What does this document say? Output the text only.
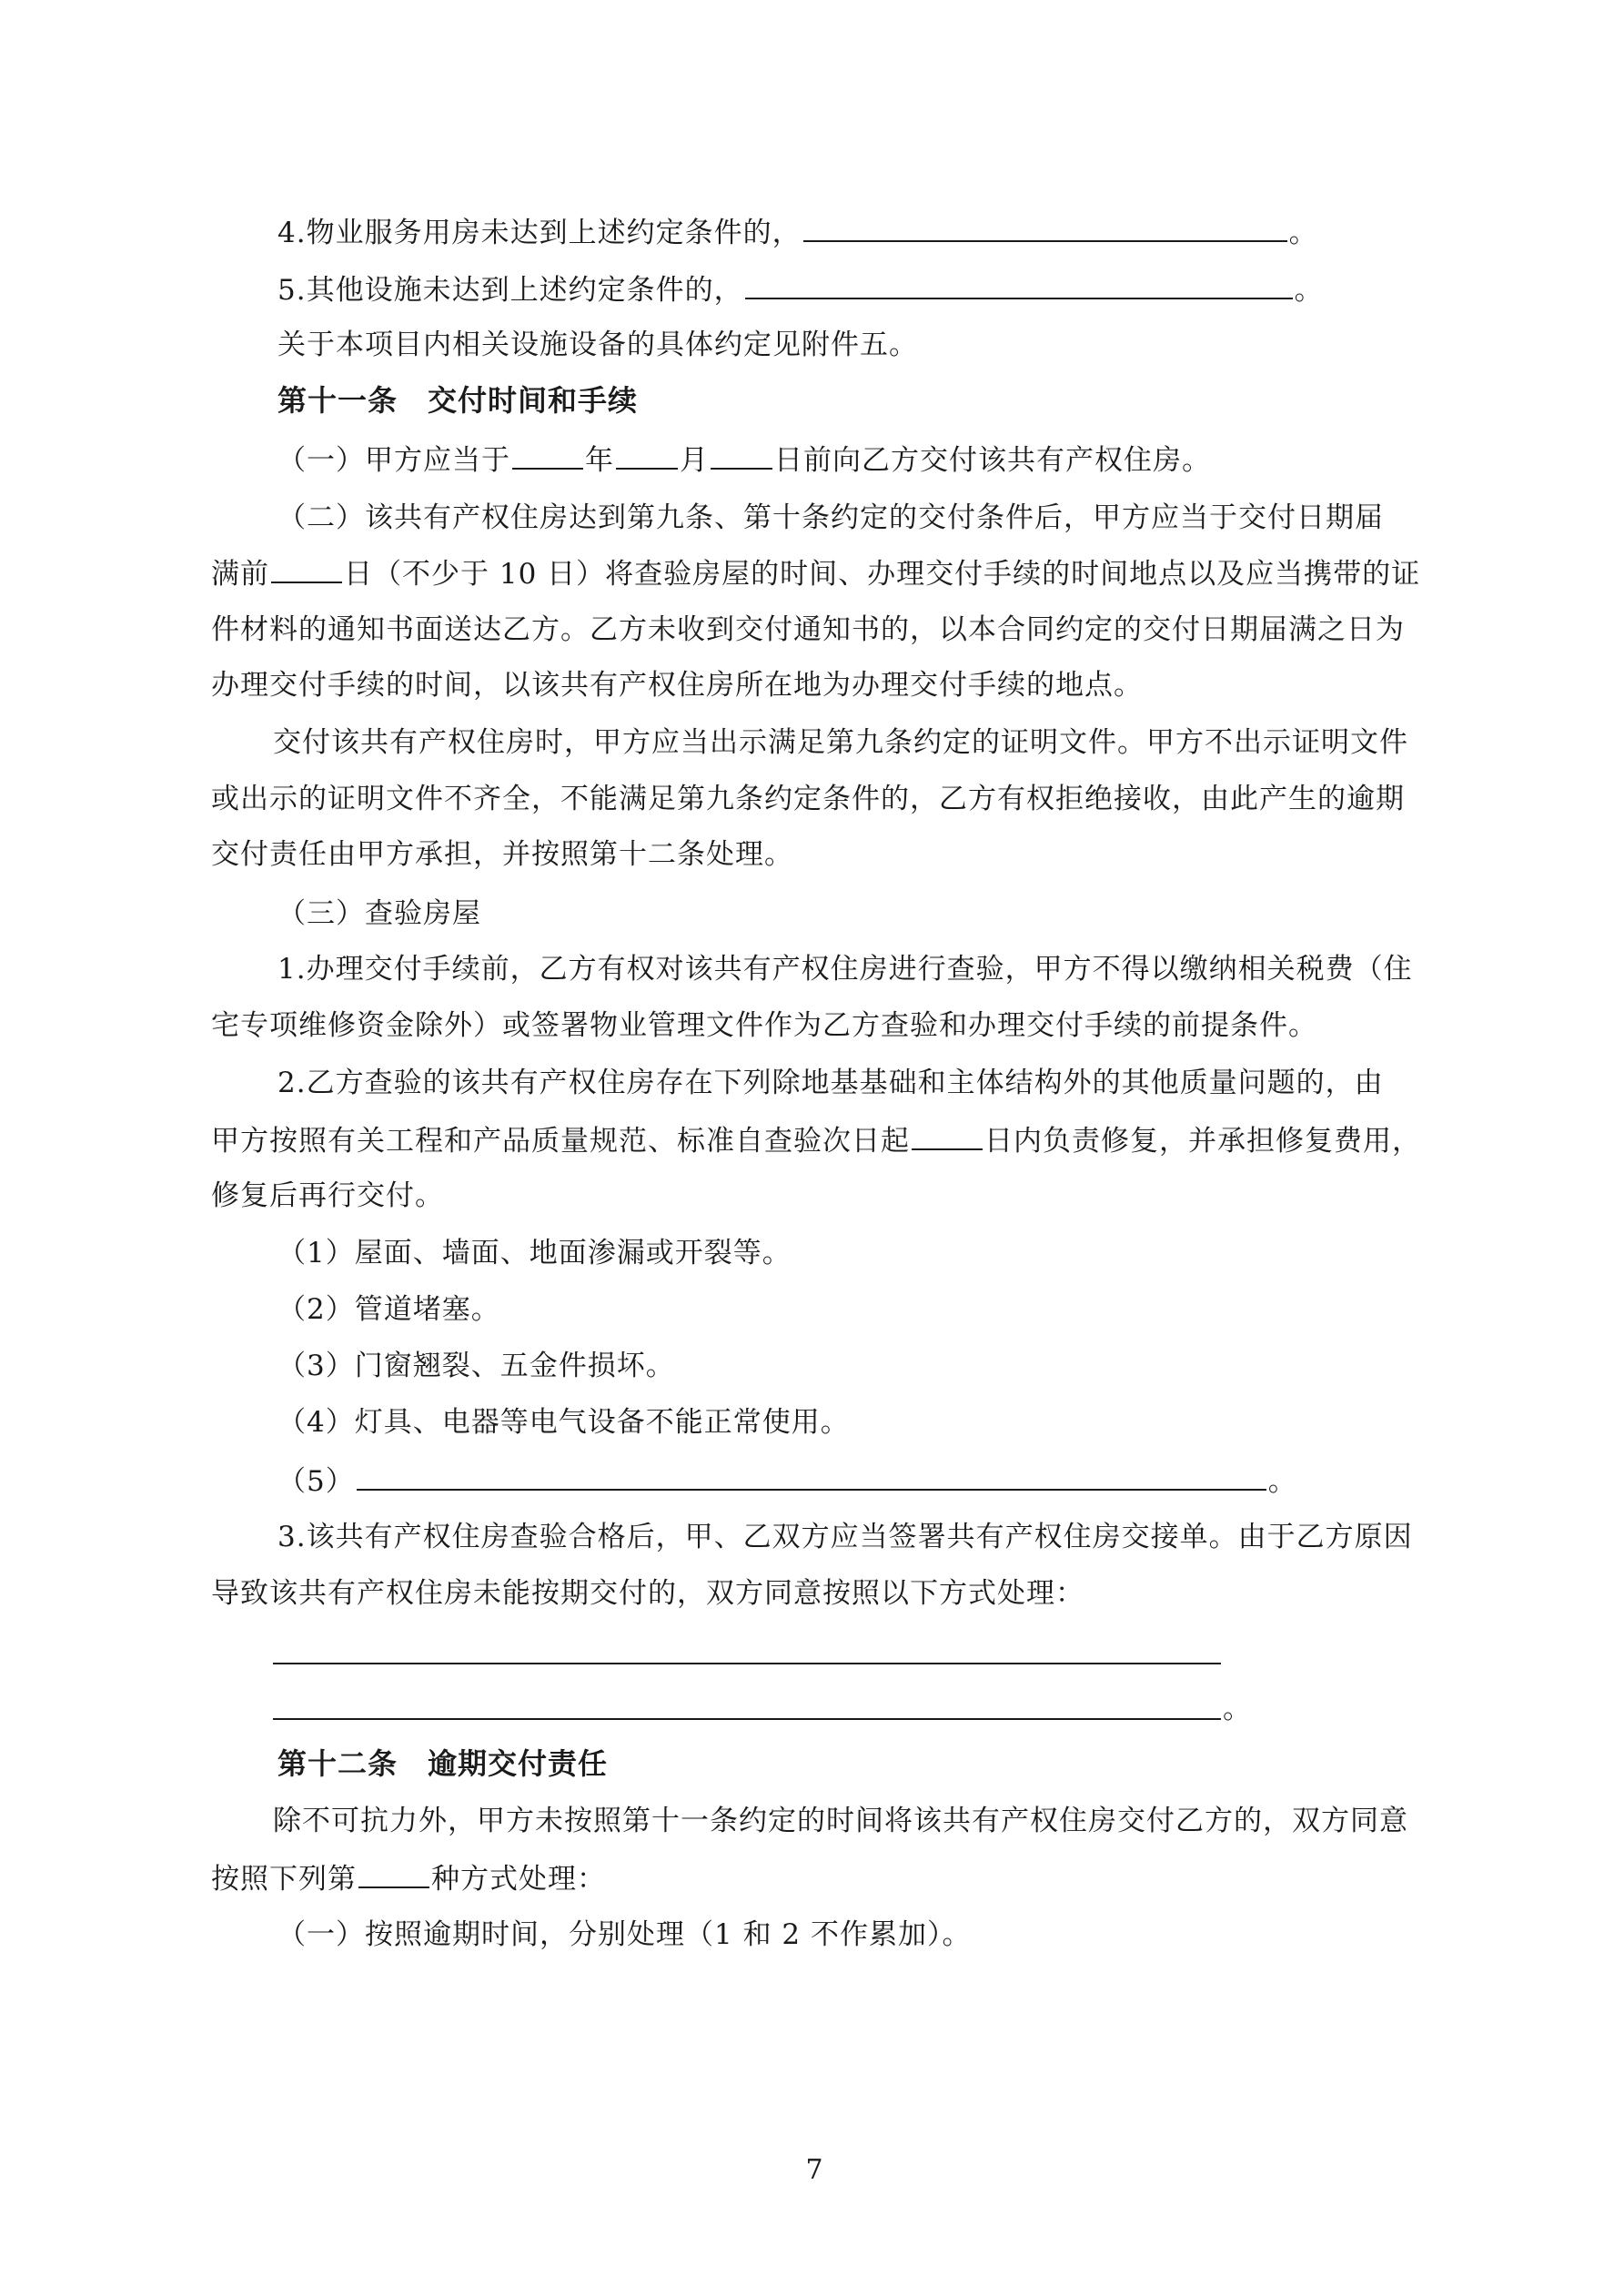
4.物业服务用房未达到上述约定条件的，	。
5.其他设施未达到上述约定条件的，	。
关于本项目内相关设施设备的具体约定见附件五。
第十一条　交付时间和手续
（一）甲方应当于	年 月 日前向乙方交付该共有产权住房。
（二）该共有产权住房达到第九条、第十条约定的交付条件后，甲方应当于交付日期届
满前	日（不少于 10 日）将查验房屋的时间、办理交付手续的时间地点以及应当携带的证
件材料的通知书面送达乙方。乙方未收到交付通知书的，以本合同约定的交付日期届满之日为
办理交付手续的时间，以该共有产权住房所在地为办理交付手续的地点。
交付该共有产权住房时，甲方应当出示满足第九条约定的证明文件。甲方不出示证明文件
或出示的证明文件不齐全，不能满足第九条约定条件的，乙方有权拒绝接收，由此产生的逾期
交付责任由甲方承担，并按照第十二条处理。
（三）查验房屋
1.办理交付手续前，乙方有权对该共有产权住房进行查验，甲方不得以缴纳相关税费（住
宅专项维修资金除外）或签署物业管理文件作为乙方查验和办理交付手续的前提条件。
2.乙方查验的该共有产权住房存在下列除地基基础和主体结构外的其他质量问题的，由
甲方按照有关工程和产品质量规范、标准自查验次日起	日内负责修复，并承担修复费用，
修复后再行交付。
（1）屋面、墙面、地面渗漏或开裂等。
（2）管道堵塞。
（3）门窗翘裂、五金件损坏。
（4）灯具、电器等电气设备不能正常使用。
（5）	。
3.该共有产权住房查验合格后，甲、乙双方应当签署共有产权住房交接单。由于乙方原因
导致该共有产权住房未能按期交付的，双方同意按照以下方式处理：
。
第十二条　逾期交付责任
除不可抗力外，甲方未按照第十一条约定的时间将该共有产权住房交付乙方的，双方同意
按照下列第	种方式处理：
（一）按照逾期时间，分别处理（1 和 2 不作累加）。
7
